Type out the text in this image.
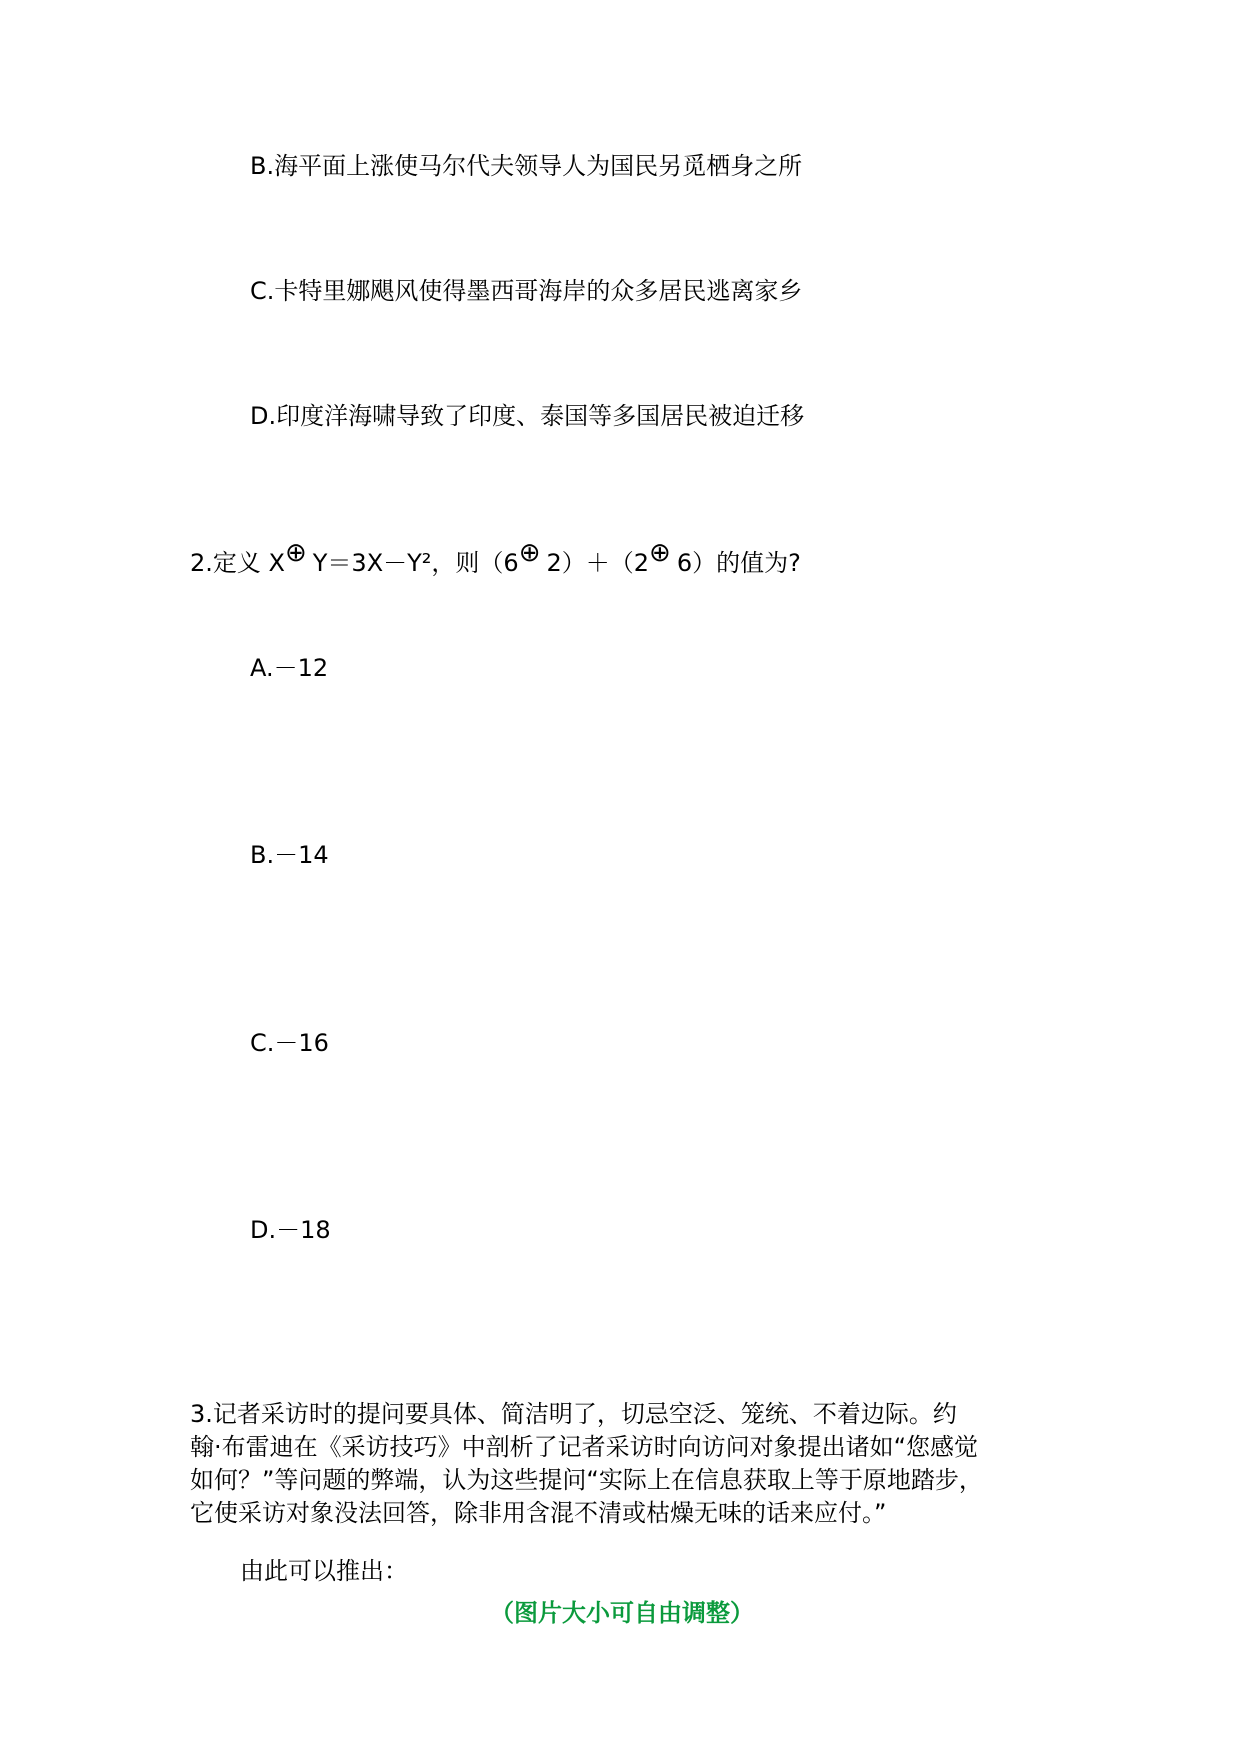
B.海平面上涨使马尔代夫领导人为国民另觅栖身之所
C.卡特里娜飓风使得墨西哥海岸的众多居民逃离家乡
D.印度洋海啸导致了印度、泰国等多国居民被迫迁移
2.定义 X⊕ Y＝3X－Y²，则（6⊕ 2）＋（2⊕ 6）的值为?
A.－12
B.－14
C.－16
D.－18
3.记者采访时的提问要具体、简洁明了，切忌空泛、笼统、不着边际。约
翰·布雷迪在《采访技巧》中剖析了记者采访时向访问对象提出诸如“您感觉
如何？”等问题的弊端，认为这些提问“实际上在信息获取上等于原地踏步，
它使采访对象没法回答，除非用含混不清或枯燥无味的话来应付。”
由此可以推出：
（图片大小可自由调整）
